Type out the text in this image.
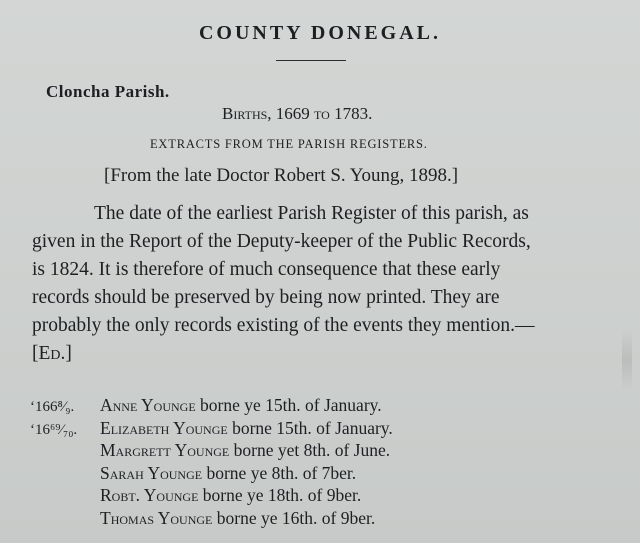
COUNTY DONEGAL.
Cloncha Parish.
Births, 1669 to 1783.
EXTRACTS FROM THE PARISH REGISTERS.
[From the late Doctor Robert S. Young, 1898.]
The date of the earliest Parish Register of this parish, as
given in the Report of the Deputy-keeper of the Public Records,
is 1824. It is therefore of much consequence that these early
records should be preserved by being now printed. They are
probably the only records existing of the events they mention.—
[Ed.]
‘166⁸⁄₉. Anne Younge borne ye 15th. of January.
‘16⁶⁹⁄₇₀. Elizabeth Younge borne 15th. of January.
Margrett Younge borne yet 8th. of June.
Sarah Younge borne ye 8th. of 7ber.
Robt. Younge borne ye 18th. of 9ber.
Thomas Younge borne ye 16th. of 9ber.
